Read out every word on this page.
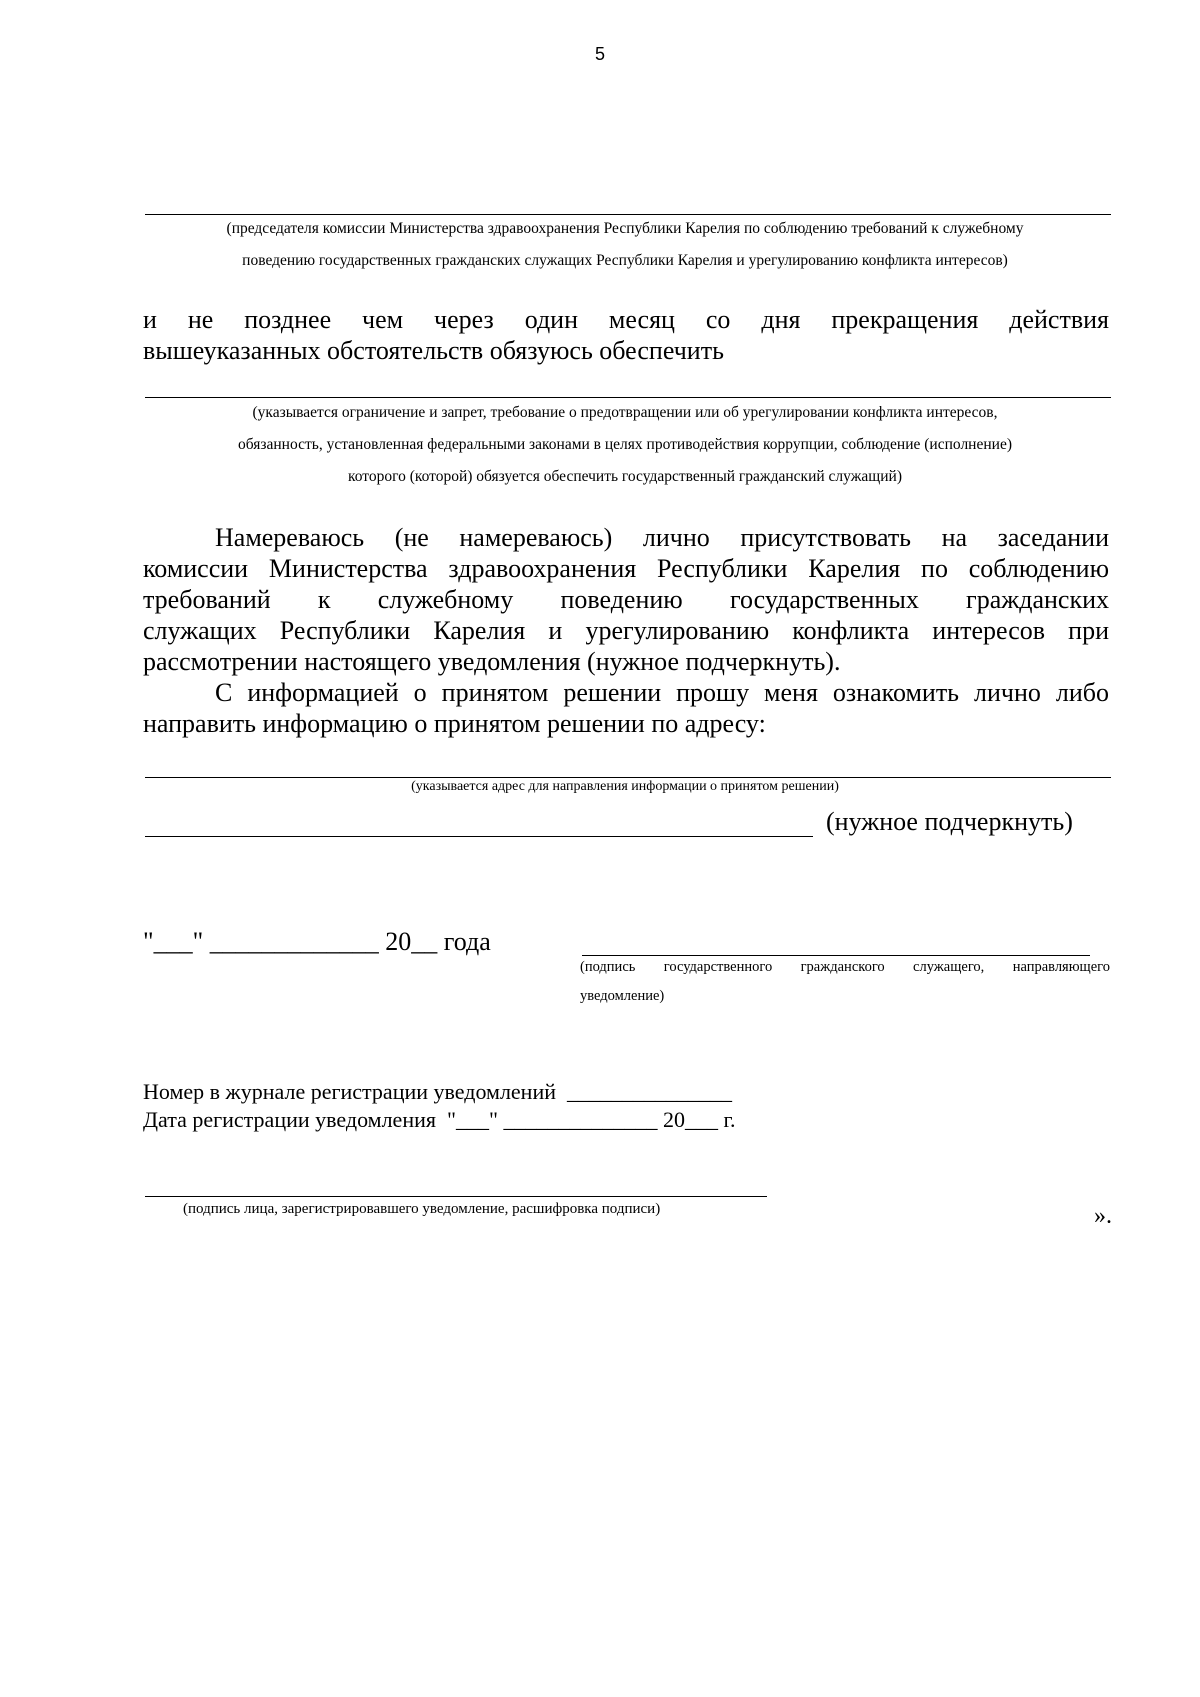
5
(председателя комиссии Министерства здравоохранения Республики Карелия по соблюдению требований к служебному
поведению государственных гражданских служащих Республики Карелия и урегулированию конфликта интересов)
и не позднее чем через один месяц со дня прекращения действия
вышеуказанных обстоятельств обязуюсь обеспечить
(указывается ограничение и запрет, требование о предотвращении или об урегулировании конфликта интересов,
обязанность, установленная федеральными законами в целях противодействия коррупции, соблюдение (исполнение)
которого (которой) обязуется обеспечить государственный гражданский служащий)
Намереваюсь (не намереваюсь) лично присутствовать на заседании
комиссии Министерства здравоохранения Республики Карелия по соблюдению
требований к служебному поведению государственных гражданских
служащих Республики Карелия и урегулированию конфликта интересов при
рассмотрении настоящего уведомления (нужное подчеркнуть).
С информацией о принятом решении прошу меня ознакомить лично либо
направить информацию о принятом решении по адресу:
(указывается адрес для направления информации о принятом решении)
(нужное подчеркнуть)
"___" _____________ 20__ года
(подпись государственного гражданского служащего, направляющего
уведомление)
Номер в журнале регистрации уведомлений  _______________
Дата регистрации уведомления  "___" ______________ 20___ г.
(подпись лица, зарегистрировавшего уведомление, расшифровка подписи)	».
